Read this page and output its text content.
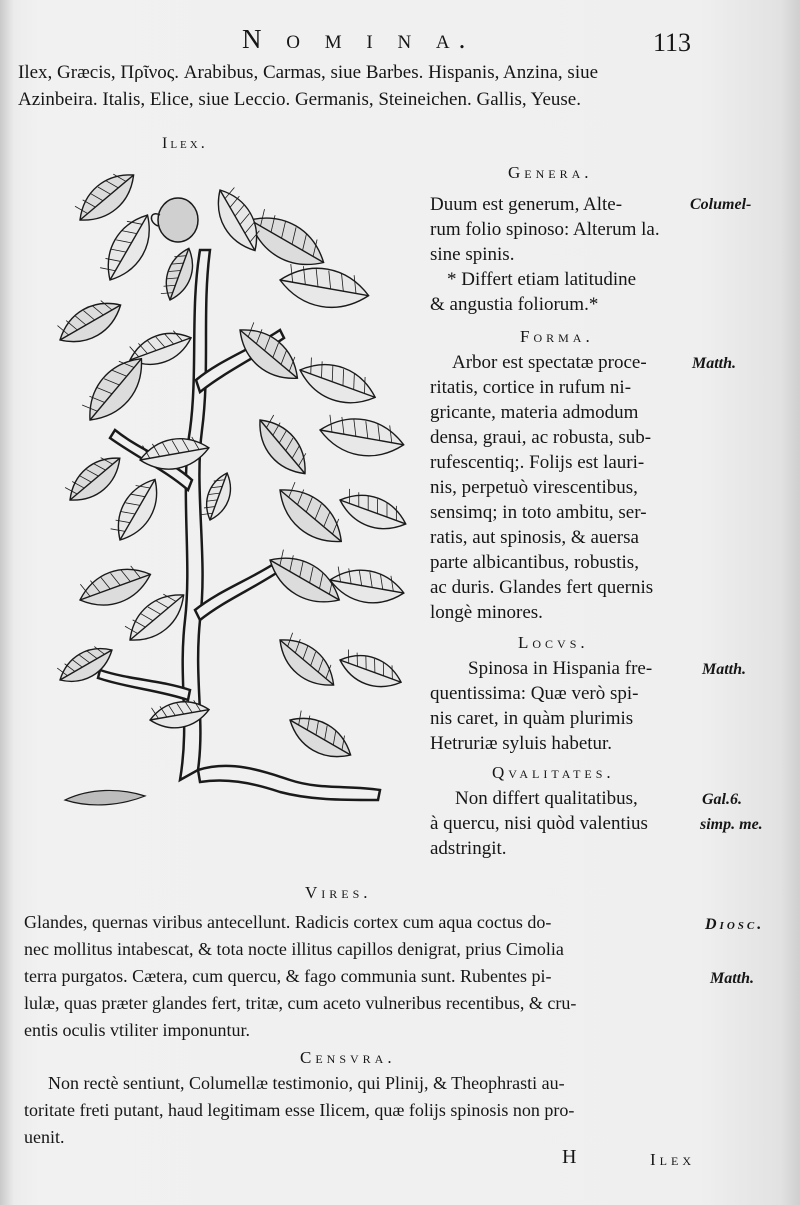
N o m i n a.	113
Ilex, Græcis, Πρῖνος. Arabibus, Carmas, siue Barbes. Hispanis, Anzina, siue
Azinbeira. Italis, Elice, siue Leccio. Germanis, Steineichen. Gallis, Yeuse.
Ilex.
Genera.
Duum est generum, Alte-
rum folio spinoso: Alterum la.
sine spinis.
* Differt etiam latitudine
& angustia foliorum.*
Columel-
Forma.
Arbor est spectatæ proce-
ritatis, cortice in rufum ni-
gricante, materia admodum
densa, graui, ac robusta, sub-
rufescentiq;. Folijs est lauri-
nis, perpetuò virescentibus,
sensimq; in toto ambitu, ser-
ratis, aut spinosis, & auersa
parte albicantibus, robustis,
ac duris. Glandes fert quernis
longè minores.
Matth.
Locvs.
Spinosa in Hispania fre-
quentissima: Quæ verò spi-
nis caret, in quàm plurimis
Hetruriæ syluis habetur.
Matth.
Qvalitates.
Non differt qualitatibus,
à quercu, nisi quòd valentius
adstringit.
Gal.6.
simp. me.
Vires.
Glandes, quernas viribus antecellunt. Radicis cortex cum aqua coctus do-
nec mollitus intabescat, & tota nocte illitus capillos denigrat, prius Cimolia
terra purgatos. Cætera, cum quercu, & fago communia sunt. Rubentes pi-
lulæ, quas præter glandes fert, tritæ, cum aceto vulneribus recentibus, & cru-
entis oculis vtiliter imponuntur.
Diosc.
Matth.
Censvra.
Non rectè sentiunt, Columellæ testimonio, qui Plinij, & Theophrasti au-
toritate freti putant, haud legitimam esse Ilicem, quæ folijs spinosis non pro-
uenit.
H	Ilex
